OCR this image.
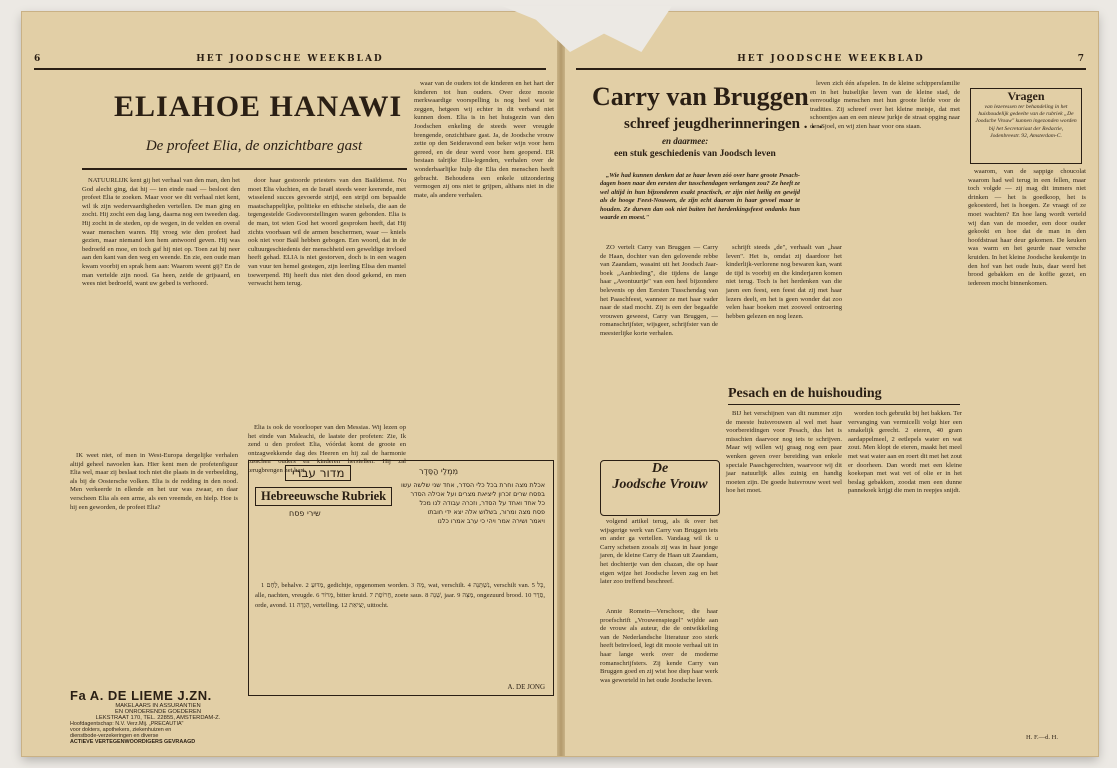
6	HET JOODSCHE WEEKBLAD
ELIAHOE HANAWI
De profeet Elia, de onzichtbare gast

NATUURLIJK kent gij het verhaal van den man, den het God alecht ging, dat hij — ten einde raad — besloot den profeet Elia te zoeken. Maar voor we dit verhaal niet kent, wil ik zijn wedervaardigheden vertellen. De man ging en zocht. Hij zocht een dag lang, daarna nog een tweeden dag. Hij zocht in de steden, op de wegen, in de velden en overal waar menschen waren. Hij vroeg wie den profeet had gezien, maar niemand kon hem antwoord geven. Hij was bedroefd en moe, en toch gaf hij niet op. Toen zat hij neer aan den kant van den weg en weende. En zie, een oude man kwam voorbij en sprak hem aan: Waarom weent gij? En de man vertelde zijn nood. Ga heen, zeide de grijsaard, en wees niet bedroefd, want uw gebed is verhoord.

door haar gestoorde priesters van den Baäldienst. Nu moet Elia vluchten, en de Israël steeds weer keerende, met wisselend succes gevoerde strijd, een strijd om bepaalde maatschappelijke, politieke en ethische stelsels, die aan de tegengestelde Godsvoorstellingen waren gebonden. Elia is de man, tot wien God het woord gesproken heeft, dat Hij zichts voorbaan wil de armen beschermen, waar — kniels ook niet voor Baäl hebben gebogen. Een woord, dat in de cultuurgeschiedenis der menschheid een geweldige invloed heeft gehad. ELIA is niet gestorven, doch is in een wagen van vuur ten hemel gestegen, zijn leerling Elisa den mantel toewerpend. Hij heeft dus niet den dood gekend, en men verwacht hem terug.

waar van de ouders tot de kinderen en het hart der kinderen tot hun ouders. Over deze mooie merkwaardige voorspelling is nog heel wat te zeggen, hetgeen wij echter in dit verband niet kunnen doen. Elia is in het huisgezin van den Joodschen enkeling de steeds weer vreugde brengende, onzichtbare gast. Ja, de Joodsche vrouw zette op den Seideravond een beker wijn voor hem gereed, en de deur werd voor hem geopend. ER bestaan talrijke Elia-legenden, verhalen over de wonderbaarlijke hulp die Elia den menschen heeft gebracht. Behoudens een enkele uitzondering vermogen zij ons niet te grijpen, althans niet in die mate, als andere verhalen.

IK weet niet, of men in West-Europa dergelijke verhalen altijd geheel navoelen kan. Hier kent men de profetenfiguur Elia wel, maar zij beslaat toch niet die plaats in de verbeelding, als bij de Oostersche volken. Elia is de redding in den nood. Men verkeerde in ellende en het uur was zwaar, en daar verscheen Elia als een arme, als een vreemde, en hielp. Hoe is hij een geworden, de profeet Elia?

Elia is ook de voorlooper van den Messias. Wij lezen op het einde van Maleachi, de laatste der profeten: Zie, Ik zend u den profeet Elia, vóórdat komt de groote en ontzagwekkende dag des Heeren en hij zal de harmonie tusschen ouders en kinderen herstellen. Hij zal terugbrengen het hart.

מדור עברי
Hebreeuwsche Rubriek
שירי פסח
מִמְלֵי הַסֵּדֶר
אכלת מצה וחרת בכל כלי הסדר, אחד שני שלשה עשו
בפסח שרים זכרון ליציאת מצרים ועל אכילה הסדר
כל אחד ואחד על הסדר, וזכרה עבודה לנו מכל
פסח מצה ומרור, בשלוש אלה יצא ידי חובתו
ויאמר ושירה אמר ויהי כי ערב אמרו כלנו

1 לֶחֶם, behalve. 2 מַדּוּעַ, gedichtje, opgenomen worden. 3 מָה, wat, verschilt. 4 נִשְׁתַּנָּה, verschilt van. 5 כָּל, alle, nachten, vreugde. 6 מָרוֹר, bitter kruid. 7 חֲרוֹסֶת, zoete saus. 8 שָׁנָה, jaar. 9 מַצָּה, ongezuurd brood. 10 סֵדֶר, orde, avond. 11 הַגָּדָה, vertelling. 12 יְצִיאַת, uittocht.

A. DE JONG
Fa A. DE LIEME J.ZN.
MAKELAARS IN ASSURANTIEN
EN ONROERENDE GOEDEREN
LEKSTRAAT 170, TEL. 22855, AMSTERDAM-Z.
Hoofdagentschap: N.V. Verz.Mij. „PRECAUTIA"
voor dokters, apothekers, ziekenhuizen en
dienstbode-verzekeringen en diverse
ACTIEVE VERTEGENWOORDIGERS GEVRAAGD
HET JOODSCHE WEEKBLAD	7
Carry van Bruggen
schreef jeugdherinneringen . . .
en daarmee:
een stuk geschiedenis van Joodsch leven

„Wie had kunnen denken dat ze haar leven zóó over hare groote Pesach-dagen hoen naar den eersten der tusschendagen verlangen zou? Ze heeft ze wel altijd in hun bijzonderen exakt practisch, er zijn niet heilig en gewijd als de hooge Feest-Nouwen, de zijn echt daarom in haar gevoel maar te houden. Ze durven dan ook niet buiten het herdenkingsfeest ondanks hun waarde en moest."

ZO vertelt Carry van Bruggen — Carry de Haan, dochter van den gelovende rebbe van Zaandam, wasaint uit het Joodsch Jaar-boek „Aanbieding", die tijdens de lange haar „Avontuurtje" van een heel bijzondere belevenis op den Eersten Tusschendag van het Paaschfeest, wanneer ze met haar vader naar de stad mocht. Zij is een der begaafde vrouwen geweest, Carry van Bruggen, — romanschrijfster, wijsgeer, schrijfster van de meesterlijke korte verhalen.

schrijft steeds „de", verhaalt van „haar leven". Het is, omdat zij daardoor het kinderlijk-verlorene nog bewaren kan, want de tijd is voorbij en die kinderjaren komen niet terug. Toch is het herdenken van die jaren een feest, een feest dat zij met haar lezers deelt, en het is geen wonder dat zoo velen haar boeken met zooveel ontroering hebben gelezen en nog lezen.

leven zich één afspelen. In de kleine schippersfamilie en in het huiselijke leven van de kleine stad, de eenvoudige menschen met hun groote liefde voor de tradities. Zij schreef over het kleine meisje, dat met schoentjes aan en een nieuw jurkje de straat opging naar den Sjoel, en wij zien haar voor ons staan.

Vragen
van lezeressen ter behandeling in het huishoudelijk gedeelte van de rubriek „De Joodsche Vrouw" kunnen ingezonden worden bij het Secretariaat der Redactie, Jodenbreestr. 92, Amsterdam-C.

waarom, van de sappige choucolat waarom had wel terug in een fellen, maar toch volgde — zij mag dit immers niet drinken — het is goedkoop, het is gekoesterd, het is hoegen. Ze vraagt of ze moet wachten? En hoe lang wordt verteld wij dan van de moeder, een door ouder gekookt en hoe dat de man in den hoofdstraat haar deur gekomen. De keuken was warm en het geurde naar versche kruiden. In het kleine Joodsche keukentje in den hof van het oude huis, daar werd het brood gebakken en de koffie gezet, en iedereen mocht binnenkomen.

Pesach en de huishouding

BIJ het verschijnen van dit nummer zijn de meeste huisvrouwen al wel met haar voorbereidingen voor Pesach, dus het is misschien daarvoor nog iets te schrijven. Maar wij willen wij graag nog een paar wenken geven over bereiding van enkele speciale Paaschgerechten, waarvoor wij dit jaar natuurlijk alles zuinig en handig moeten zijn. De goede huisvrouw weet wel hoe het moet.

worden toch gebruikt bij het bakken. Ter vervanging van vermicelli volgt hier een smakelijk gerecht. 2 eieren, 40 gram aardappelmeel, 2 eetlepels water en wat zout. Men klopt de eieren, maakt het meel met wat water aan en roert dit met het zout er doorheen. Dan wordt met een kleine koekepan met wat vet of olie er in het beslag gebakken, zoodat men een dunne pannekoek krijgt die men in reepjes snijdt.

De
Joodsche Vrouw

volgend artikel terug, als ik over het wijsgerige werk van Carry van Bruggen iets en ander ga vertellen. Vandaag wil ik u Carry schetsen zooals zij was in haar jonge jaren, de kleine Carry de Haan uit Zaandam, het dochtertje van den chazan, die op haar eigen wijze het Joodsche leven zag en het later zoo treffend beschreef.

Annie Romein—Verschoor, die haar proefschrift „Vrouwenspiegel" wijdde aan de vrouw als auteur, die de ontwikkeling van de Nederlandsche literatuur zoo sterk heeft beïnvloed, legt dit mooie verhaal uit in haar lange werk over de moderne romanschrijfsters. Zij kende Carry van Bruggen goed en zij wist hoe diep haar werk was geworteld in het oude Joodsche leven.

H. F.—d. H.
